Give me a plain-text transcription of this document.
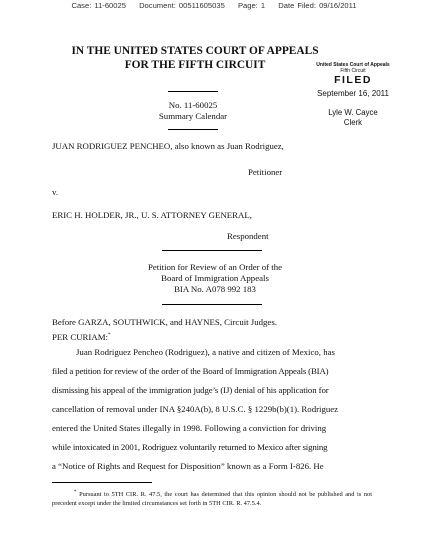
Case: 11-60025 Document: 00511605035 Page: 1 Date Filed: 09/16/2011
IN THE UNITED STATES COURT OF APPEALS
FOR THE FIFTH CIRCUIT	United States Court of Appeals
Fifth Circuit
FILED
September 16, 2011
Lyle W. Cayce
Clerk
No. 11-60025
Summary Calendar
JUAN RODRIGUEZ PENCHEO, also known as Juan Rodriguez,
Petitioner
v.
ERIC H. HOLDER, JR., U. S. ATTORNEY GENERAL,
Respondent
Petition for Review of an Order of the
Board of Immigration Appeals
BIA No. A078 992 183
Before GARZA, SOUTHWICK, and HAYNES, Circuit Judges.
PER CURIAM:*

Juan Rodriguez Pencheo (Rodriguez), a native and citizen of Mexico, has

filed a petition for review of the order of the Board of Immigration Appeals (BIA)

dismissing his appeal of the immigration judge’s (IJ) denial of his application for

cancellation of removal under INA §240A(b), 8 U.S.C. § 1229b(b)(1). Rodriguez

entered the United States illegally in 1998. Following a conviction for driving

while intoxicated in 2001, Rodriguez voluntarily returned to Mexico after signing

a “Notice of Rights and Request for Disposition” known as a Form I-826. He

* Pursuant to 5TH CIR. R. 47.5, the court has determined that this opinion should not be published and is not precedent except under the limited circumstances set forth in 5TH CIR. R. 47.5.4.
